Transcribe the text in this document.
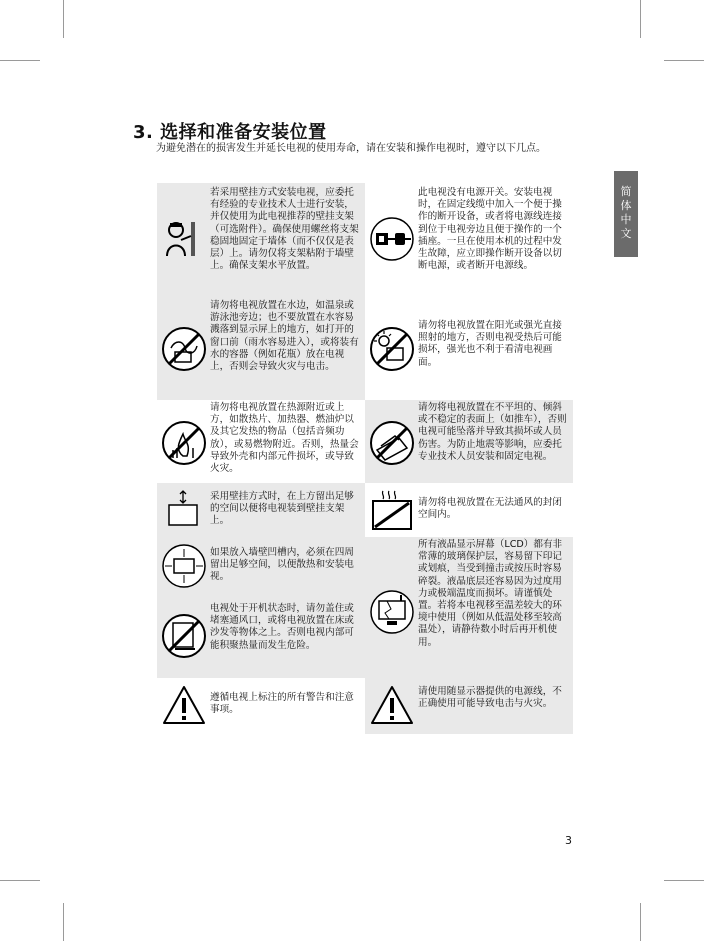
3. 选择和准备安装位置
为避免潜在的损害发生并延长电视的使用寿命，请在安装和操作电视时，遵守以下几点。
简
体
中
文
若采用壁挂方式安装电视，应委托有经验的专业技术人士进行安装，并仅使用为此电视推荐的壁挂支架（可选附件）。确保使用螺丝将支架稳固地固定于墙体（而不仅仅是表层）上。请勿仅将支架粘附于墙壁上。确保支架水平放置。
此电视没有电源开关。安装电视时，在固定线缆中加入一个便于操作的断开设备，或者将电源线连接到位于电视旁边且便于操作的一个插座。一旦在使用本机的过程中发生故障，应立即操作断开设备以切断电源，或者断开电源线。
请勿将电视放置在水边，如温泉或游泳池旁边；也不要放置在水容易溅落到显示屏上的地方，如打开的窗口前（雨水容易进入），或将装有水的容器（例如花瓶）放在电视上，否则会导致火灾与电击。
请勿将电视放置在阳光或强光直接照射的地方，否则电视受热后可能损坏，强光也不利于看清电视画面。
请勿将电视放置在热源附近或上方，如散热片、加热器、燃油炉以及其它发热的物品（包括音频功放），或易燃物附近。否则，热量会导致外壳和内部元件损坏，或导致火灾。
请勿将电视放置在不平坦的、倾斜或不稳定的表面上（如推车），否则电视可能坠落并导致其损坏或人员伤害。为防止地震等影响，应委托专业技术人员安装和固定电视。
采用壁挂方式时，在上方留出足够的空间以便将电视装到壁挂支架上。
请勿将电视放置在无法通风的封闭空间内。
如果放入墙壁凹槽内，必须在四周留出足够空间，以便散热和安装电视。
所有液晶显示屏幕（LCD）都有非常薄的玻璃保护层，容易留下印记或划痕，当受到撞击或按压时容易碎裂。液晶底层还容易因为过度用力或极端温度而损坏。请谨慎处置。若将本电视移至温差较大的环境中使用（例如从低温处移至较高温处），请静待数小时后再开机使用。
电视处于开机状态时，请勿盖住或堵塞通风口，或将电视放置在床或沙发等物体之上。否则电视内部可能积聚热量而发生危险。
遵循电视上标注的所有警告和注意事项。
请使用随显示器提供的电源线，不正确使用可能导致电击与火灾。
3
